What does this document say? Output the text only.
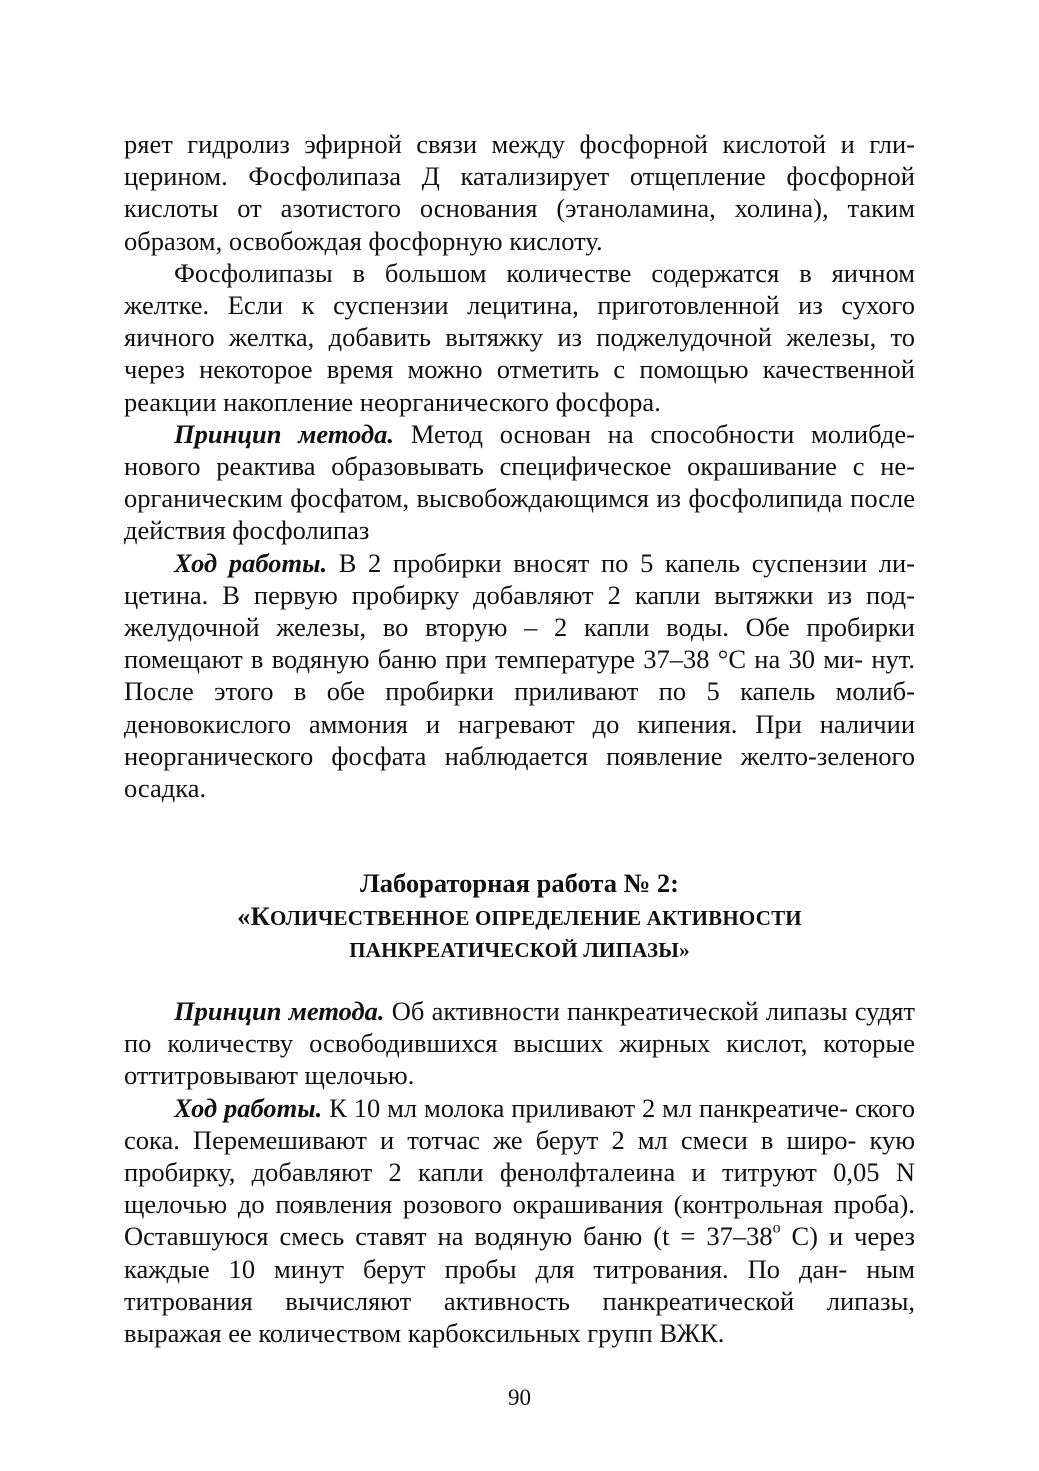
ряет гидролиз эфирной связи между фосфорной кислотой и гли- церином. Фосфолипаза Д катализирует отщепление фосфорной кислоты от азотистого основания (этаноламина, холина), таким образом, освобождая фосфорную кислоту.

Фосфолипазы в большом количестве содержатся в яичном желтке. Если к суспензии лецитина, приготовленной из сухого яичного желтка, добавить вытяжку из поджелудочной железы, то через некоторое время можно отметить с помощью качественной реакции накопление неорганического фосфора.

Принцип метода. Метод основан на способности молибде- нового реактива образовывать специфическое окрашивание с не- органическим фосфатом, высвобождающимся из фосфолипида после действия фосфолипаз

Ход работы. В 2 пробирки вносят по 5 капель суспензии ли- цетина. В первую пробирку добавляют 2 капли вытяжки из под- желудочной железы, во вторую – 2 капли воды. Обе пробирки помещают в водяную баню при температуре 37–38 °С на 30 ми- нут. После этого в обе пробирки приливают по 5 капель молиб- деновокислого аммония и нагревают до кипения. При наличии неорганического фосфата наблюдается появление желто-зеленого осадка.

Лабораторная работа № 2:
«КОЛИЧЕСТВЕННОЕ ОПРЕДЕЛЕНИЕ АКТИВНОСТИ
ПАНКРЕАТИЧЕСКОЙ ЛИПАЗЫ»

Принцип метода. Об активности панкреатической липазы судят по количеству освободившихся высших жирных кислот, которые оттитровывают щелочью.

Ход работы. К 10 мл молока приливают 2 мл панкреатиче- ского сока. Перемешивают и тотчас же берут 2 мл смеси в широ- кую пробирку, добавляют 2 капли фенолфталеина и титруют 0,05 N щелочью до появления розового окрашивания (контрольная проба). Оставшуюся смесь ставят на водяную баню ($t = 37-38^o$ С) и через каждые 10 минут берут пробы для титрования. По дан- ным титрования вычисляют активность панкреатической липазы, выражая ее количеством карбоксильных групп ВЖК.

90
